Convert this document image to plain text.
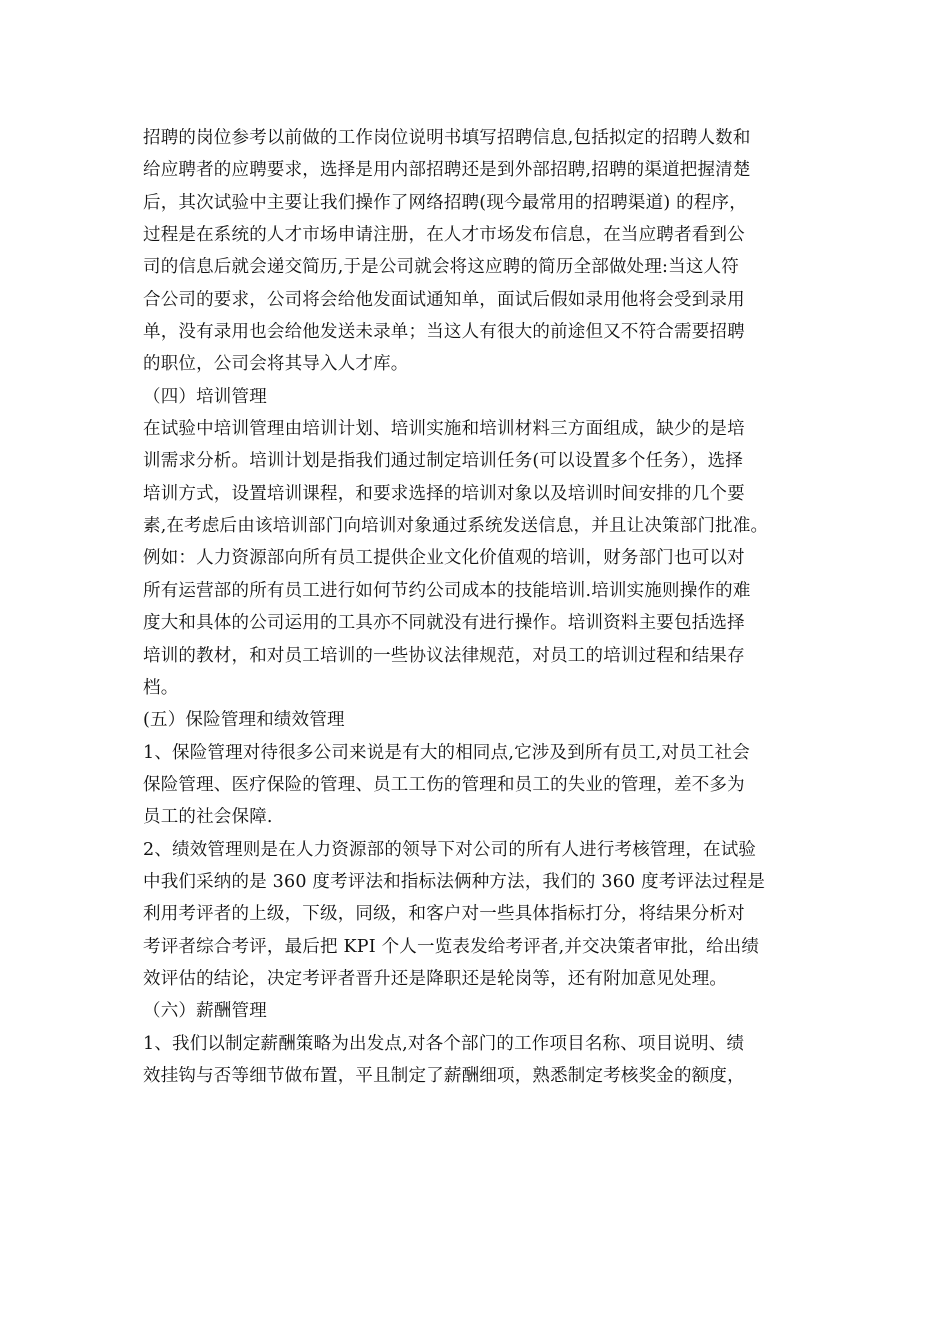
招聘的岗位参考以前做的工作岗位说明书填写招聘信息,包括拟定的招聘人数和
给应聘者的应聘要求，选择是用内部招聘还是到外部招聘,招聘的渠道把握清楚
后，其次试验中主要让我们操作了网络招聘(现今最常用的招聘渠道) 的程序，
过程是在系统的人才市场申请注册，在人才市场发布信息，在当应聘者看到公
司的信息后就会递交简历,于是公司就会将这应聘的简历全部做处理:当这人符
合公司的要求，公司将会给他发面试通知单，面试后假如录用他将会受到录用
单，没有录用也会给他发送未录单；当这人有很大的前途但又不符合需要招聘
的职位，公司会将其导入人才库。
（四）培训管理
在试验中培训管理由培训计划、培训实施和培训材料三方面组成，缺少的是培
训需求分析。培训计划是指我们通过制定培训任务(可以设置多个任务），选择
培训方式，设置培训课程，和要求选择的培训对象以及培训时间安排的几个要
素,在考虑后由该培训部门向培训对象通过系统发送信息，并且让决策部门批准。
例如：人力资源部向所有员工提供企业文化价值观的培训，财务部门也可以对
所有运营部的所有员工进行如何节约公司成本的技能培训.培训实施则操作的难
度大和具体的公司运用的工具亦不同就没有进行操作。培训资料主要包括选择
培训的教材，和对员工培训的一些协议法律规范，对员工的培训过程和结果存
档。
(五）保险管理和绩效管理
1、保险管理对待很多公司来说是有大的相同点,它涉及到所有员工,对员工社会
保险管理、医疗保险的管理、员工工伤的管理和员工的失业的管理，差不多为
员工的社会保障.
2、绩效管理则是在人力资源部的领导下对公司的所有人进行考核管理，在试验
中我们采纳的是 360 度考评法和指标法俩种方法，我们的 360 度考评法过程是
利用考评者的上级，下级，同级，和客户对一些具体指标打分，将结果分析对
考评者综合考评，最后把 KPI 个人一览表发给考评者,并交决策者审批，给出绩
效评估的结论，决定考评者晋升还是降职还是轮岗等，还有附加意见处理。
（六）薪酬管理
1、我们以制定薪酬策略为出发点,对各个部门的工作项目名称、项目说明、绩
效挂钩与否等细节做布置，平且制定了薪酬细项，熟悉制定考核奖金的额度，
